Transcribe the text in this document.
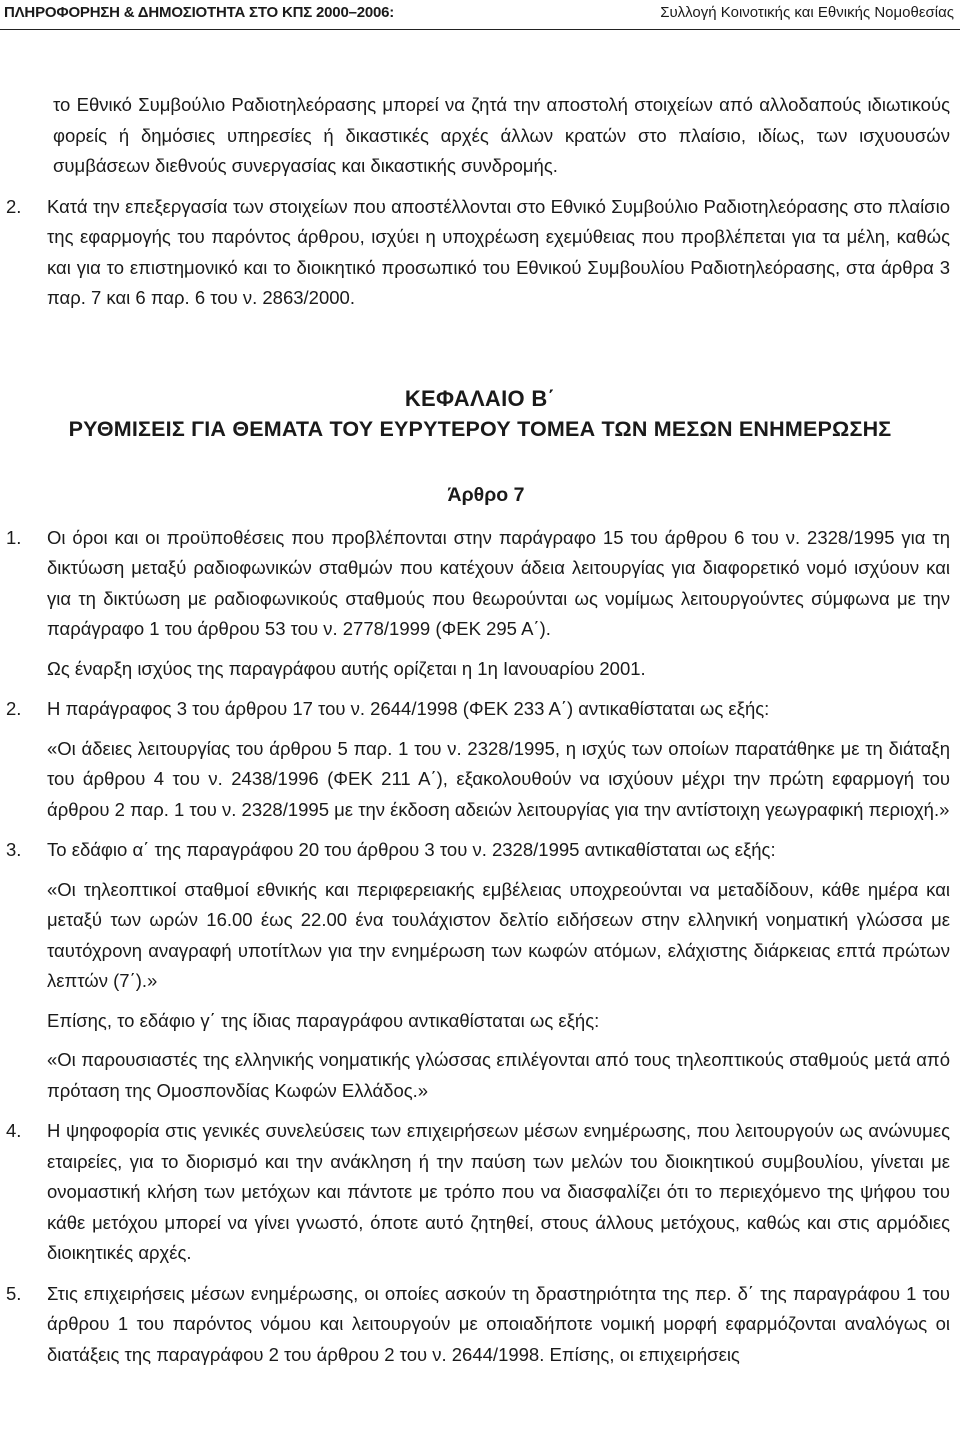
ΠΛΗΡΟΦΟΡΗΣΗ & ΔΗΜΟΣΙΟΤΗΤΑ ΣΤΟ ΚΠΣ 2000–2006:	Συλλογή Κοινοτικής και Εθνικής Νομοθεσίας

το Εθνικό Συμβούλιο Ραδιοτηλεόρασης μπορεί να ζητά την αποστολή στοιχείων από αλλοδαπούς ιδιωτικούς φορείς ή δημόσιες υπηρεσίες ή δικαστικές αρχές άλλων κρατών στο πλαίσιο, ιδίως, των ισχυουσών συμβάσεων διεθνούς συνεργασίας και δικαστικής συνδρομής.

2.	Κατά την επεξεργασία των στοιχείων που αποστέλλονται στο Εθνικό Συμβούλιο Ραδιοτηλεόρασης στο πλαίσιο της εφαρμογής του παρόντος άρθρου, ισχύει η υποχρέωση εχεμύθειας που προβλέπεται για τα μέλη, καθώς και για το επιστημονικό και το διοικητικό προσωπικό του Εθνικού Συμβουλίου Ραδιοτηλεόρασης, στα άρθρα 3 παρ. 7 και 6 παρ. 6 του ν. 2863/2000.

ΚΕΦΑΛΑΙΟ Β΄
ΡΥΘΜΙΣΕΙΣ ΓΙΑ ΘΕΜΑΤΑ ΤΟΥ ΕΥΡΥΤΕΡΟΥ ΤΟΜΕΑ ΤΩΝ ΜΕΣΩΝ ΕΝΗΜΕΡΩΣΗΣ
Άρθρο 7
1.	Οι όροι και οι προϋποθέσεις που προβλέπονται στην παράγραφο 15 του άρθρου 6 του ν. 2328/1995 για τη δικτύωση μεταξύ ραδιοφωνικών σταθμών που κατέχουν άδεια λειτουργίας για διαφορετικό νομό ισχύουν και για τη δικτύωση με ραδιοφωνικούς σταθμούς που θεωρούνται ως νομίμως λειτουργούντες σύμφωνα με την παράγραφο 1 του άρθρου 53 του ν. 2778/1999 (ΦΕΚ 295 Α΄).

Ως έναρξη ισχύος της παραγράφου αυτής ορίζεται η 1η Ιανουαρίου 2001.

2.	Η παράγραφος 3 του άρθρου 17 του ν. 2644/1998 (ΦΕΚ 233 Α΄) αντικαθίσταται ως εξής:

«Οι άδειες λειτουργίας του άρθρου 5 παρ. 1 του ν. 2328/1995, η ισχύς των οποίων παρατάθηκε με τη διάταξη του άρθρου 4 του ν. 2438/1996 (ΦΕΚ 211 Α΄), εξακολουθούν να ισχύουν μέχρι την πρώτη εφαρμογή του άρθρου 2 παρ. 1 του ν. 2328/1995 με την έκδοση αδειών λειτουργίας για την αντίστοιχη γεωγραφική περιοχή.»

3.	Το εδάφιο α΄ της παραγράφου 20 του άρθρου 3 του ν. 2328/1995 αντικαθίσταται ως εξής:

«Οι τηλεοπτικοί σταθμοί εθνικής και περιφερειακής εμβέλειας υποχρεούνται να μεταδίδουν, κάθε ημέρα και μεταξύ των ωρών 16.00 έως 22.00 ένα τουλάχιστον δελτίο ειδήσεων στην ελληνική νοηματική γλώσσα με ταυτόχρονη αναγραφή υποτίτλων για την ενημέρωση των κωφών ατόμων, ελάχιστης διάρκειας επτά πρώτων λεπτών (7΄).»

Επίσης, το εδάφιο γ΄ της ίδιας παραγράφου αντικαθίσταται ως εξής:

«Οι παρουσιαστές της ελληνικής νοηματικής γλώσσας επιλέγονται από τους τηλεοπτικούς σταθμούς μετά από πρόταση της Ομοσπονδίας Κωφών Ελλάδος.»

4.	Η ψηφοφορία στις γενικές συνελεύσεις των επιχειρήσεων μέσων ενημέρωσης, που λειτουργούν ως ανώνυμες εταιρείες, για το διορισμό και την ανάκληση ή την παύση των μελών του διοικητικού συμβουλίου, γίνεται με ονομαστική κλήση των μετόχων και πάντοτε με τρόπο που να διασφαλίζει ότι το περιεχόμενο της ψήφου του κάθε μετόχου μπορεί να γίνει γνωστό, όποτε αυτό ζητηθεί, στους άλλους μετόχους, καθώς και στις αρμόδιες διοικητικές αρχές.

5.	Στις επιχειρήσεις μέσων ενημέρωσης, οι οποίες ασκούν τη δραστηριότητα της περ. δ΄ της παραγράφου 1 του άρθρου 1 του παρόντος νόμου και λειτουργούν με οποιαδήποτε νομική μορφή εφαρμόζονται αναλόγως οι διατάξεις της παραγράφου 2 του άρθρου 2 του ν. 2644/1998. Επίσης, οι επιχειρήσεις
